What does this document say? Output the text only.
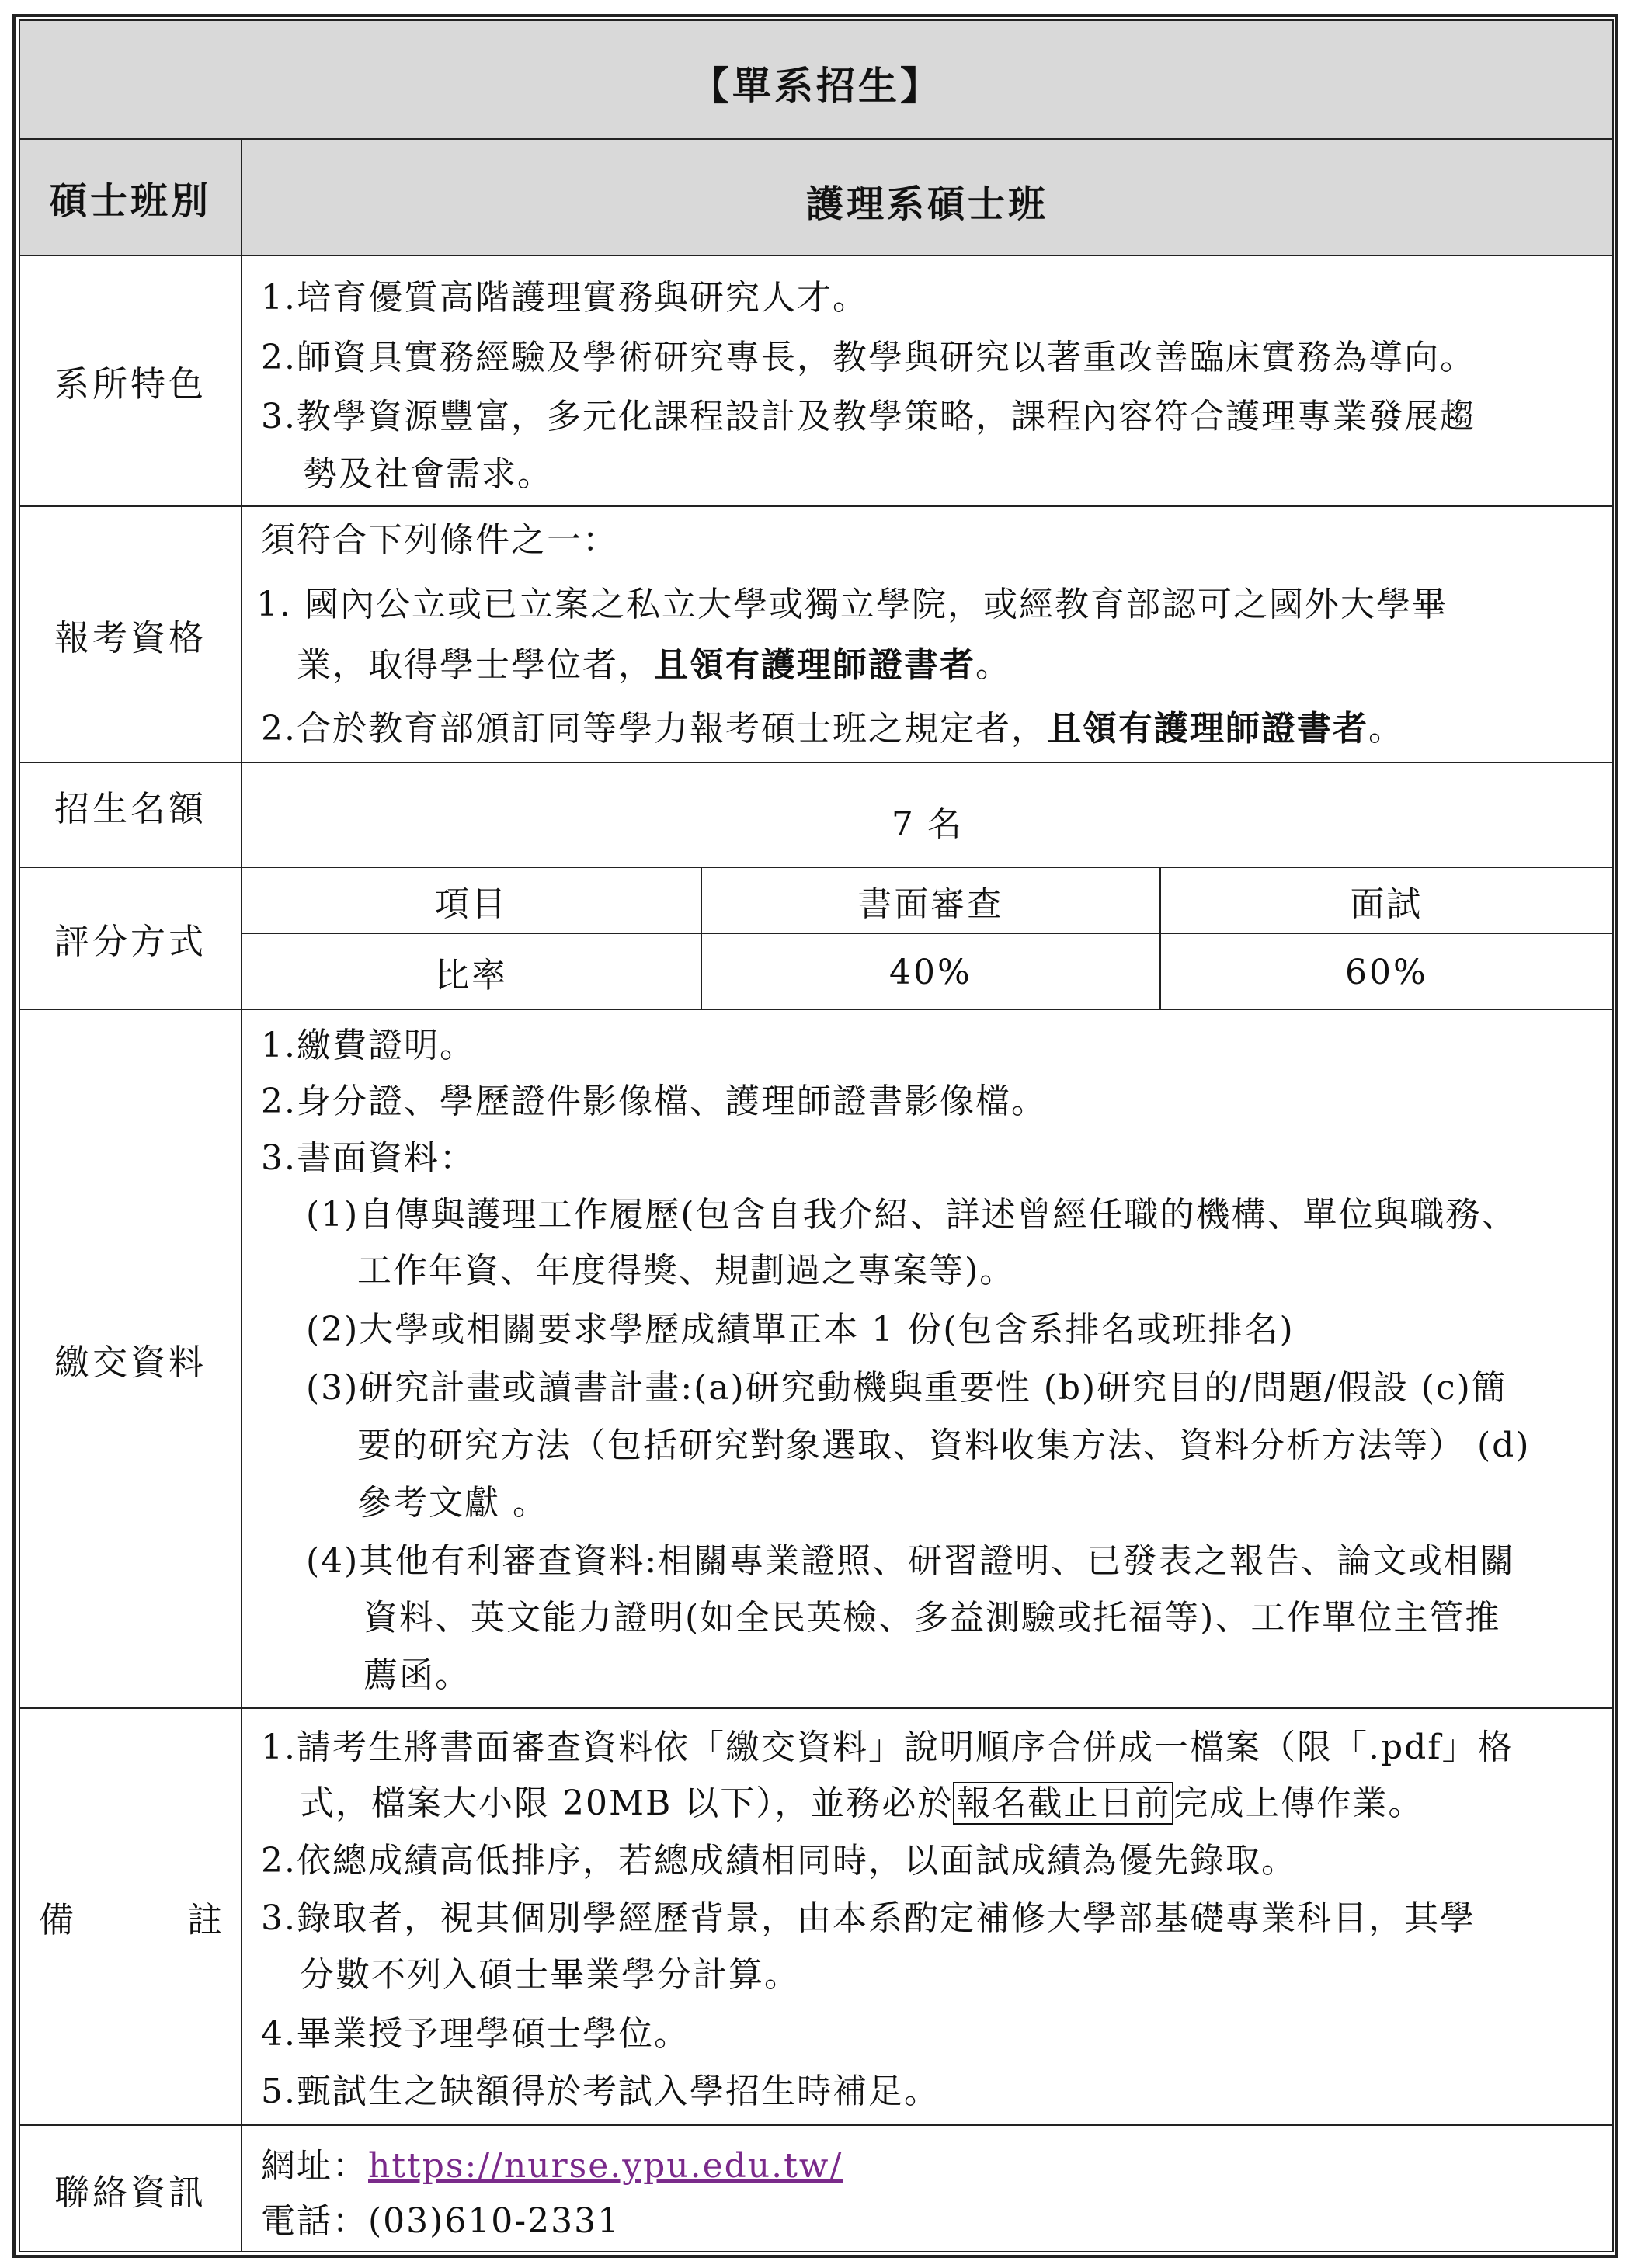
【單系招生】
碩士班別	護理系碩士班
系所特色
1.培育優質高階護理實務與研究人才。
2.師資具實務經驗及學術研究專長，教學與研究以著重改善臨床實務為導向。
3.教學資源豐富，多元化課程設計及教學策略，課程內容符合護理專業發展趨
勢及社會需求。
報考資格
須符合下列條件之一：
1. 國內公立或已立案之私立大學或獨立學院，或經教育部認可之國外大學畢
業，取得學士學位者，且領有護理師證書者。
2.合於教育部頒訂同等學力報考碩士班之規定者，且領有護理師證書者。
招生名額	7 名
評分方式
項目	書面審查	面試
比率	40%	60%
繳交資料
1.繳費證明。
2.身分證、學歷證件影像檔、護理師證書影像檔。
3.書面資料：
(1)自傳與護理工作履歷(包含自我介紹、詳述曾經任職的機構、單位與職務、
工作年資、年度得獎、規劃過之專案等)。
(2)大學或相關要求學歷成績單正本 1 份(包含系排名或班排名)
(3)研究計畫或讀書計畫:(a)研究動機與重要性 (b)研究目的/問題/假設 (c)簡
要的研究方法（包括研究對象選取、資料收集方法、資料分析方法等） (d)
參考文獻 。
(4)其他有利審查資料:相關專業證照、研習證明、已發表之報告、論文或相關
資料、英文能力證明(如全民英檢、多益測驗或托福等)、工作單位主管推
薦函。
備	註
1.請考生將書面審查資料依「繳交資料」說明順序合併成一檔案（限「.pdf」格
式，檔案大小限 20MB 以下），並務必於報名截止日前完成上傳作業。
2.依總成績高低排序，若總成績相同時，以面試成績為優先錄取。
3.錄取者，視其個別學經歷背景，由本系酌定補修大學部基礎專業科目，其學
分數不列入碩士畢業學分計算。
4.畢業授予理學碩士學位。
5.甄試生之缺額得於考試入學招生時補足。
聯絡資訊
網址：https://nurse.ypu.edu.tw/
電話：(03)610-2331
